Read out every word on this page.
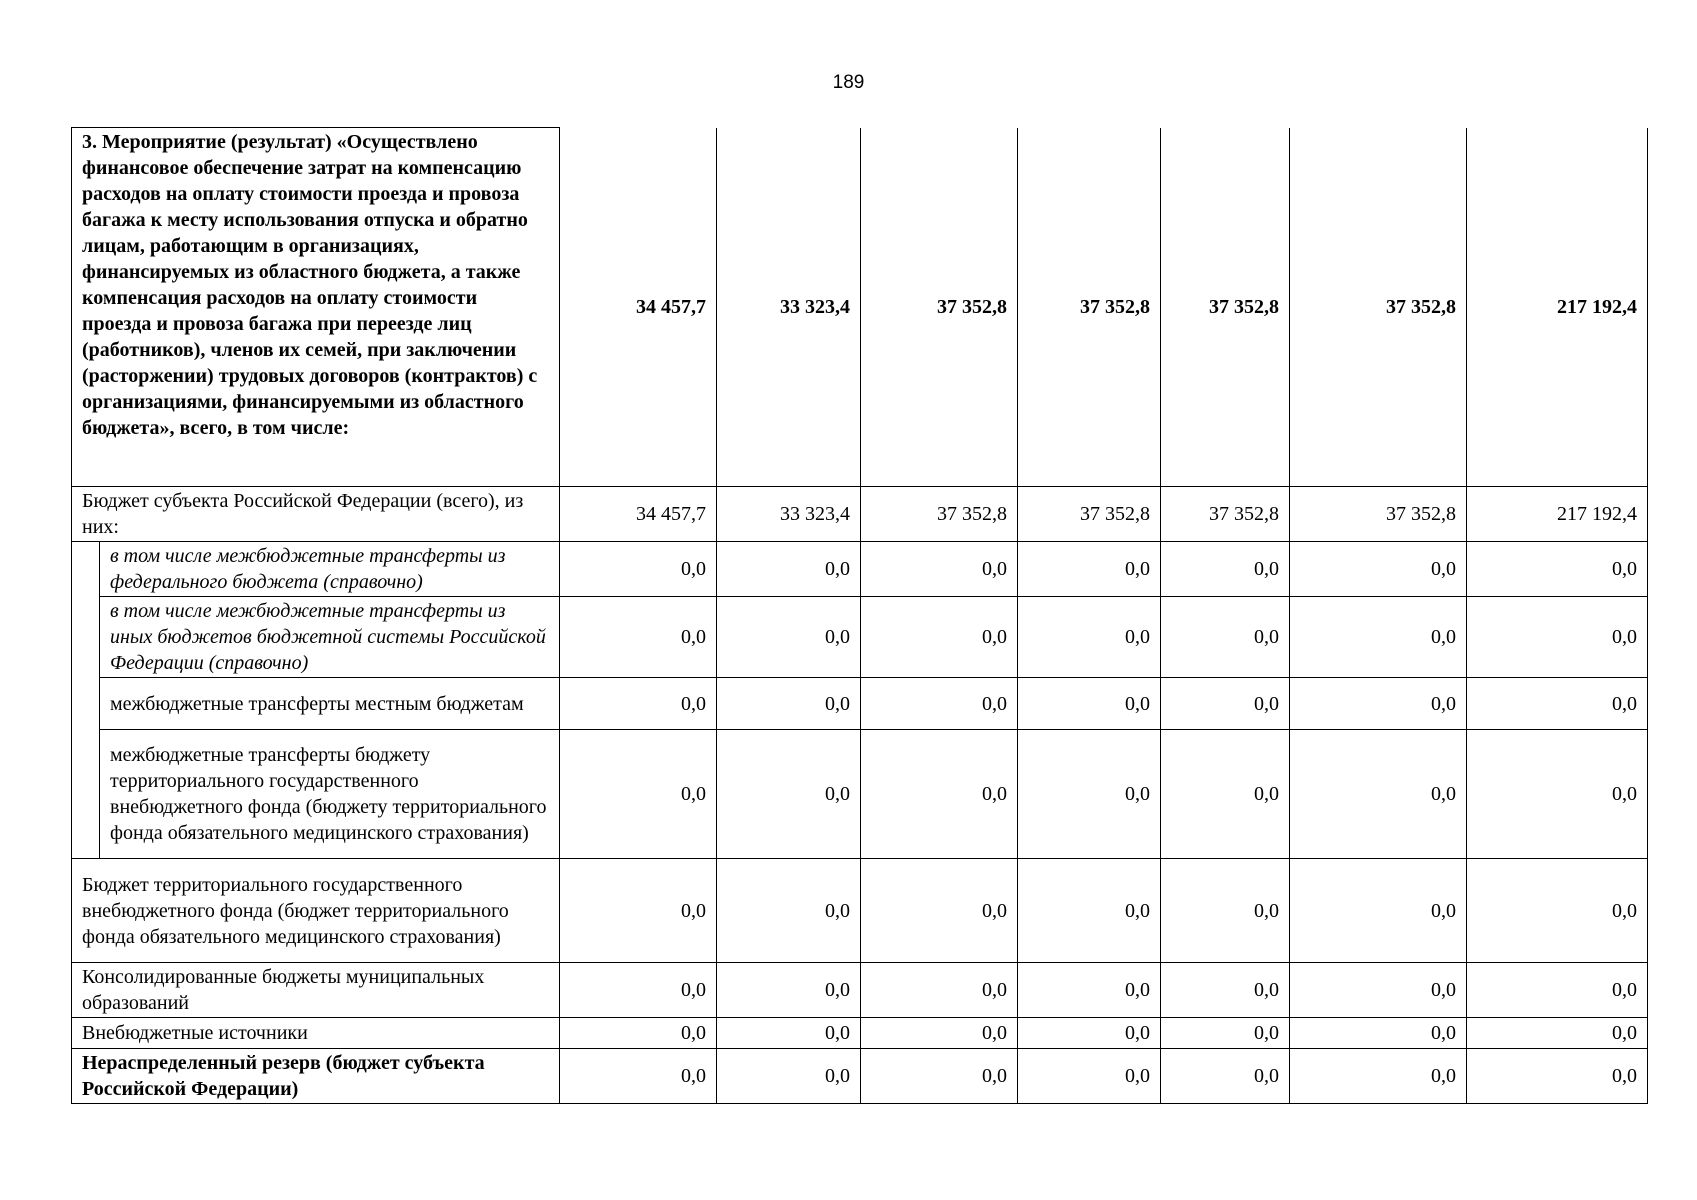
189
3. Мероприятие (результат) «Осуществлено финансовое обеспечение затрат на компенсацию расходов на оплату стоимости проезда и провоза багажа к месту использования отпуска и обратно лицам, работающим в организациях, финансируемых из областного бюджета, а также компенсация расходов на оплату стоимости проезда и провоза багажа при переезде лиц (работников), членов их семей, при заключении (расторжении) трудовых договоров (контрактов) с организациями, финансируемыми из областного бюджета», всего, в том числе:		34 457,7	33 323,4	37 352,8	37 352,8	37 352,8	37 352,8	217 192,4
Бюджет субъекта Российской Федерации (всего), из них:		34 457,7	33 323,4	37 352,8	37 352,8	37 352,8	37 352,8	217 192,4
	в том числе межбюджетные трансферты из федерального бюджета (справочно)	0,0	0,0	0,0	0,0	0,0	0,0	0,0
	в том числе межбюджетные трансферты из иных бюджетов бюджетной системы Российской Федерации (справочно)	0,0	0,0	0,0	0,0	0,0	0,0	0,0
	межбюджетные трансферты местным бюджетам	0,0	0,0	0,0	0,0	0,0	0,0	0,0
	межбюджетные трансферты бюджету территориального государственного внебюджетного фонда (бюджету территориального фонда обязательного медицинского страхования)	0,0	0,0	0,0	0,0	0,0	0,0	0,0
Бюджет территориального государственного внебюджетного фонда (бюджет территориального фонда обязательного медицинского страхования)		0,0	0,0	0,0	0,0	0,0	0,0	0,0
Консолидированные бюджеты муниципальных образований		0,0	0,0	0,0	0,0	0,0	0,0	0,0
Внебюджетные источники		0,0	0,0	0,0	0,0	0,0	0,0	0,0
Нераспределенный резерв (бюджет субъекта Российской Федерации)		0,0	0,0	0,0	0,0	0,0	0,0	0,0
